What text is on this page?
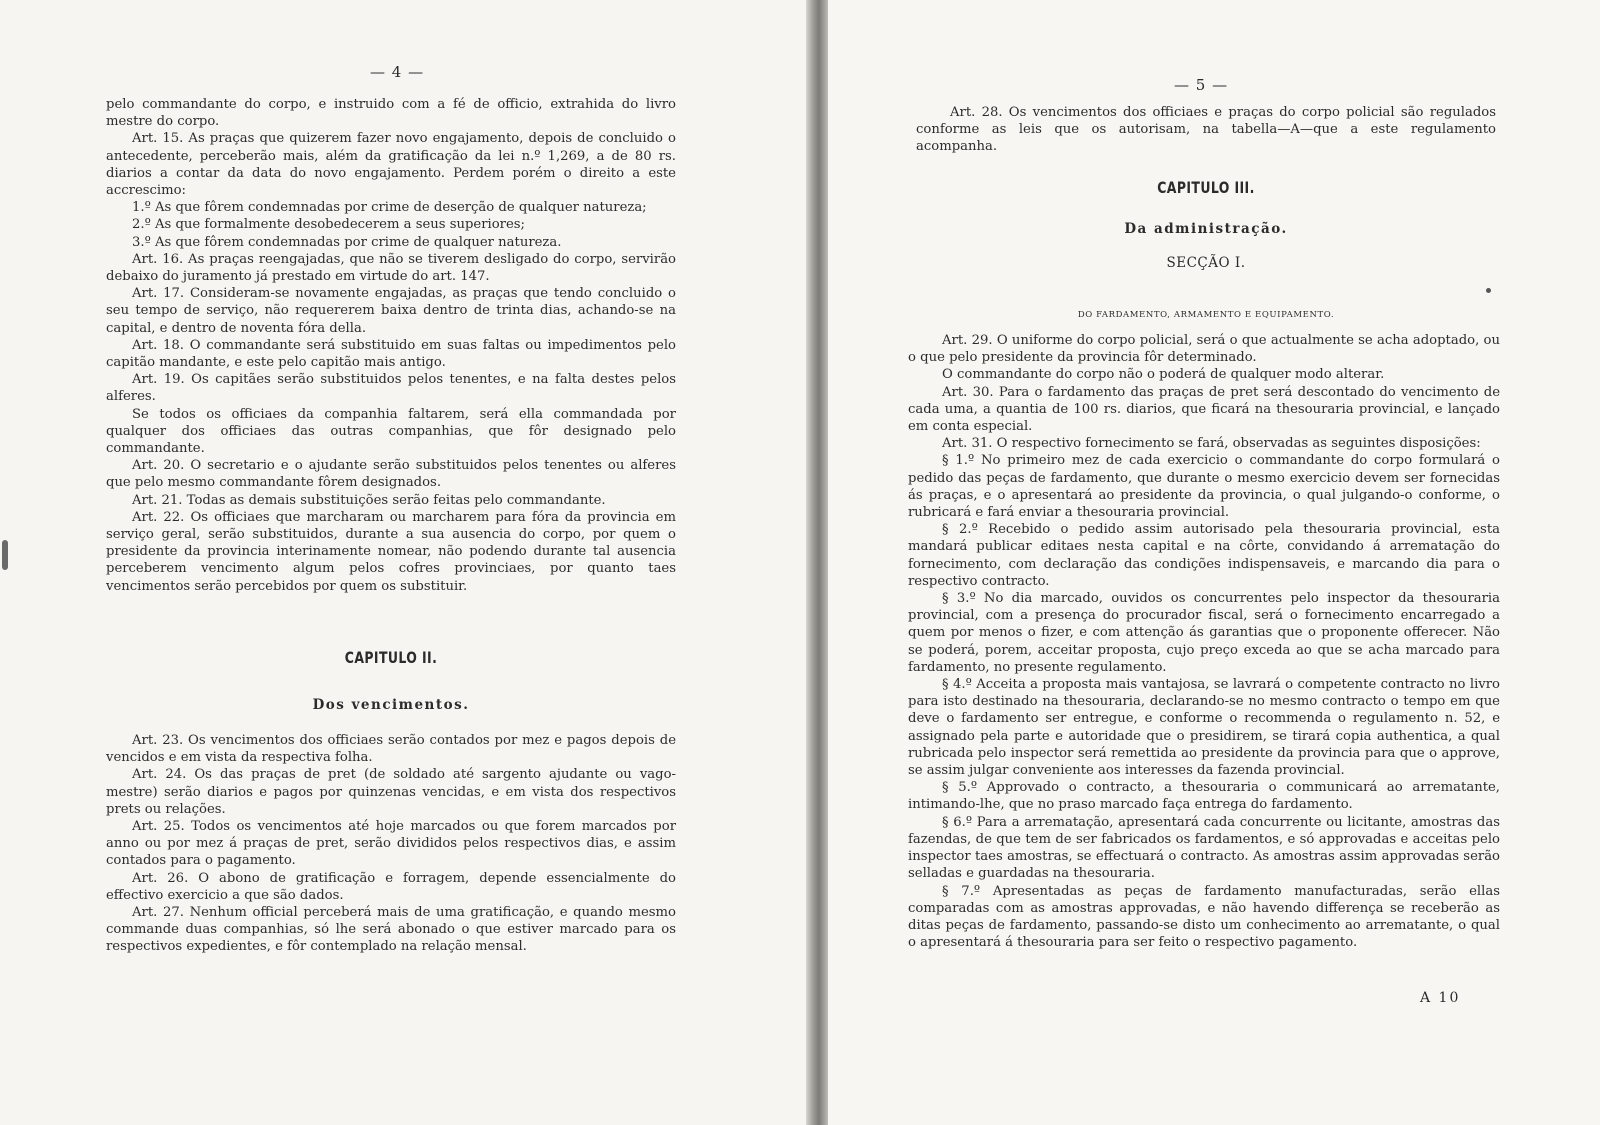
— 4 —

pelo commandante do corpo, e instruido com a fé de officio, extrahida do livro mestre do corpo.

Art. 15. As praças que quizerem fazer novo engajamento, depois de concluido o antecedente, perceberão mais, além da gratificação da lei n.º 1,269, a de 80 rs. diarios a contar da data do novo engajamento. Perdem porém o direito a este accrescimo:

1.º As que fôrem condemnadas por crime de deserção de qualquer natureza;

2.º As que formalmente desobedecerem a seus superiores;

3.º As que fôrem condemnadas por crime de qualquer natureza.

Art. 16. As praças reengajadas, que não se tiverem desligado do corpo, servirão debaixo do juramento já prestado em virtude do art. 147.

Art. 17. Consideram-se novamente engajadas, as praças que tendo concluido o seu tempo de serviço, não requererem baixa dentro de trinta dias, achando-se na capital, e dentro de noventa fóra della.

Art. 18. O commandante será substituido em suas faltas ou impedimentos pelo capitão mandante, e este pelo capitão mais antigo.

Art. 19. Os capitães serão substituidos pelos tenentes, e na falta destes pelos alferes.

Se todos os officiaes da companhia faltarem, será ella commandada por qualquer dos officiaes das outras companhias, que fôr designado pelo commandante.

Art. 20. O secretario e o ajudante serão substituidos pelos tenentes ou alferes que pelo mesmo commandante fôrem designados.

Art. 21. Todas as demais substituições serão feitas pelo commandante.

Art. 22. Os officiaes que marcharam ou marcharem para fóra da provincia em serviço geral, serão substituidos, durante a sua ausencia do corpo, por quem o presidente da provincia interinamente nomear, não podendo durante tal ausencia perceberem vencimento algum pelos cofres provinciaes, por quanto taes vencimentos serão percebidos por quem os substituir.

CAPITULO II.
Dos vencimentos.

Art. 23. Os vencimentos dos officiaes serão contados por mez e pagos depois de vencidos e em vista da respectiva folha.

Art. 24. Os das praças de pret (de soldado até sargento ajudante ou vago-mestre) serão diarios e pagos por quinzenas vencidas, e em vista dos respectivos prets ou relações.

Art. 25. Todos os vencimentos até hoje marcados ou que forem marcados por anno ou por mez á praças de pret, serão divididos pelos respectivos dias, e assim contados para o pagamento.

Art. 26. O abono de gratificação e forragem, depende essencialmente do effectivo exercicio a que são dados.

Art. 27. Nenhum official perceberá mais de uma gratificação, e quando mesmo commande duas companhias, só lhe será abonado o que estiver marcado para os respectivos expedientes, e fôr contemplado na relação mensal.

— 5 —

Art. 28. Os vencimentos dos officiaes e praças do corpo policial são regulados conforme as leis que os autorisam, na tabella—A—que a este regulamento acompanha.

CAPITULO III.
Da administração.
SECÇÃO I.
DO FARDAMENTO, ARMAMENTO E EQUIPAMENTO.

Art. 29. O uniforme do corpo policial, será o que actualmente se acha adoptado, ou o que pelo presidente da provincia fôr determinado.

O commandante do corpo não o poderá de qualquer modo alterar.

Art. 30. Para o fardamento das praças de pret será descontado do vencimento de cada uma, a quantia de 100 rs. diarios, que ficará na thesouraria provincial, e lançado em conta especial.

Art. 31. O respectivo fornecimento se fará, observadas as seguintes disposições:

§ 1.º No primeiro mez de cada exercicio o commandante do corpo formulará o pedido das peças de fardamento, que durante o mesmo exercicio devem ser fornecidas ás praças, e o apresentará ao presidente da provincia, o qual julgando-o conforme, o rubricará e fará enviar a thesouraria provincial.

§ 2.º Recebido o pedido assim autorisado pela thesouraria provincial, esta mandará publicar editaes nesta capital e na côrte, convidando á arrematação do fornecimento, com declaração das condições indispensaveis, e marcando dia para o respectivo contracto.

§ 3.º No dia marcado, ouvidos os concurrentes pelo inspector da thesouraria provincial, com a presença do procurador fiscal, será o fornecimento encarregado a quem por menos o fizer, e com attenção ás garantias que o proponente offerecer. Não se poderá, porem, acceitar proposta, cujo preço exceda ao que se acha marcado para fardamento, no presente regulamento.

§ 4.º Acceita a proposta mais vantajosa, se lavrará o competente contracto no livro para isto destinado na thesouraria, declarando-se no mesmo contracto o tempo em que deve o fardamento ser entregue, e conforme o recommenda o regulamento n. 52, e assignado pela parte e autoridade que o presidirem, se tirará copia authentica, a qual rubricada pelo inspector será remettida ao presidente da provincia para que o approve, se assim julgar conveniente aos interesses da fazenda provincial.

§ 5.º Approvado o contracto, a thesouraria o communicará ao arrematante, intimando-lhe, que no praso marcado faça entrega do fardamento.

§ 6.º Para a arrematação, apresentará cada concurrente ou licitante, amostras das fazendas, de que tem de ser fabricados os fardamentos, e só approvadas e acceitas pelo inspector taes amostras, se effectuará o contracto. As amostras assim approvadas serão selladas e guardadas na thesouraria.

§ 7.º Apresentadas as peças de fardamento manufacturadas, serão ellas comparadas com as amostras approvadas, e não havendo differença se receberão as ditas peças de fardamento, passando-se disto um conhecimento ao arrematante, o qual o apresentará á thesouraria para ser feito o respectivo pagamento.

A 10
